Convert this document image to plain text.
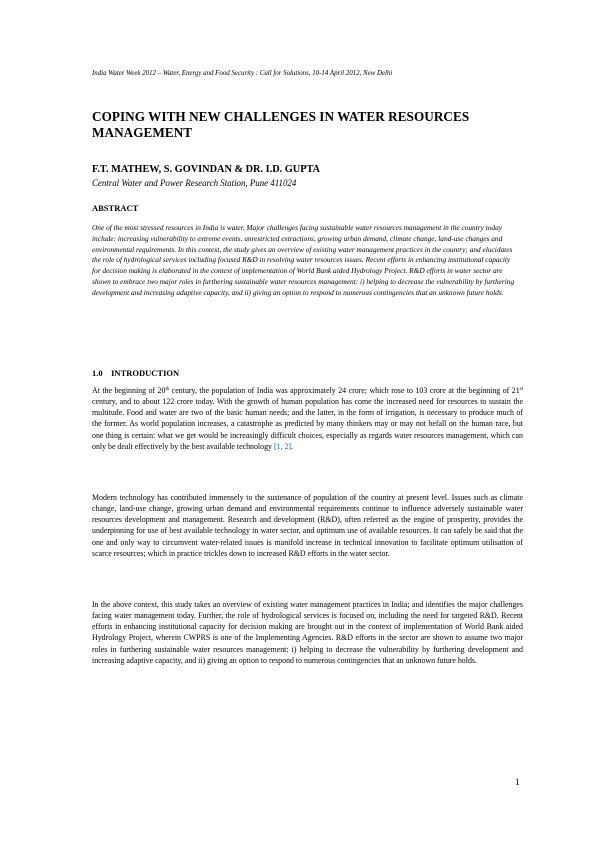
India Water Week 2012 – Water, Energy and Food Security : Call for Solutions, 10-14 April 2012, New Delhi
COPING WITH NEW CHALLENGES IN WATER RESOURCES
MANAGEMENT
F.T. MATHEW, S. GOVINDAN & DR. I.D. GUPTA
Central Water and Power Research Station, Pune 411024
ABSTRACT
One of the most stressed resources in India is water. Major challenges facing sustainable water resources management in the country today include: increasing vulnerability to extreme events, unrestricted extractions, growing urban demand, climate change, land-use changes and environmental requirements. In this context, the study gives an overview of existing water management practices in the country; and elucidates the role of hydrological services including focused R&D in resolving water resources issues. Recent efforts in enhancing institutional capacity for decision making is elaborated in the context of implementation of World Bank aided Hydrology Project. R&D efforts in water sector are shown to embrace two major roles in furthering sustainable water resources management: i) helping to decrease the vulnerability by furthering development and increasing adaptive capacity, and ii) giving an option to respond to numerous contingencies that an unknown future holds.
1.0 INTRODUCTION
At the beginning of 20th century, the population of India was approximately 24 crore; which rose to 103 crore at the beginning of 21st century, and to about 122 crore today. With the growth of human population has come the increased need for resources to sustain the multitude. Food and water are two of the basic human needs; and the latter, in the form of irrigation, is necessary to produce much of the former. As world population increases, a catastrophe as predicted by many thinkers may or may not befall on the human race, but one thing is certain: what we get would be increasingly difficult choices, especially as regards water resources management, which can only be dealt effectively by the best available technology [1, 2].
Modern technology has contributed immensely to the sustenance of population of the country at present level. Issues such as climate change, land-use change, growing urban demand and environmental requirements continue to influence adversely sustainable water resources development and management. Research and development (R&D), often referred as the engine of prosperity, provides the underpinning for use of best available technology in water sector, and optimum use of available resources. It can safely be said that the one and only way to circumvent water-related issues is manifold increase in technical innovation to facilitate optimum utilisation of scarce resources; which in practice trickles down to increased R&D efforts in the water sector.
In the above context, this study takes an overview of existing water management practices in India; and identifies the major challenges facing water management today. Further, the role of hydrological services is focused on, including the need for targeted R&D. Recent efforts in enhancing institutional capacity for decision making are brought out in the context of implementation of World Bank aided Hydrology Project, wherein CWPRS is one of the Implementing Agencies. R&D efforts in the sector are shown to assume two major roles in furthering sustainable water resources management: i) helping to decrease the vulnerability by furthering development and increasing adaptive capacity, and ii) giving an option to respond to numerous contingencies that an unknown future holds.
1
